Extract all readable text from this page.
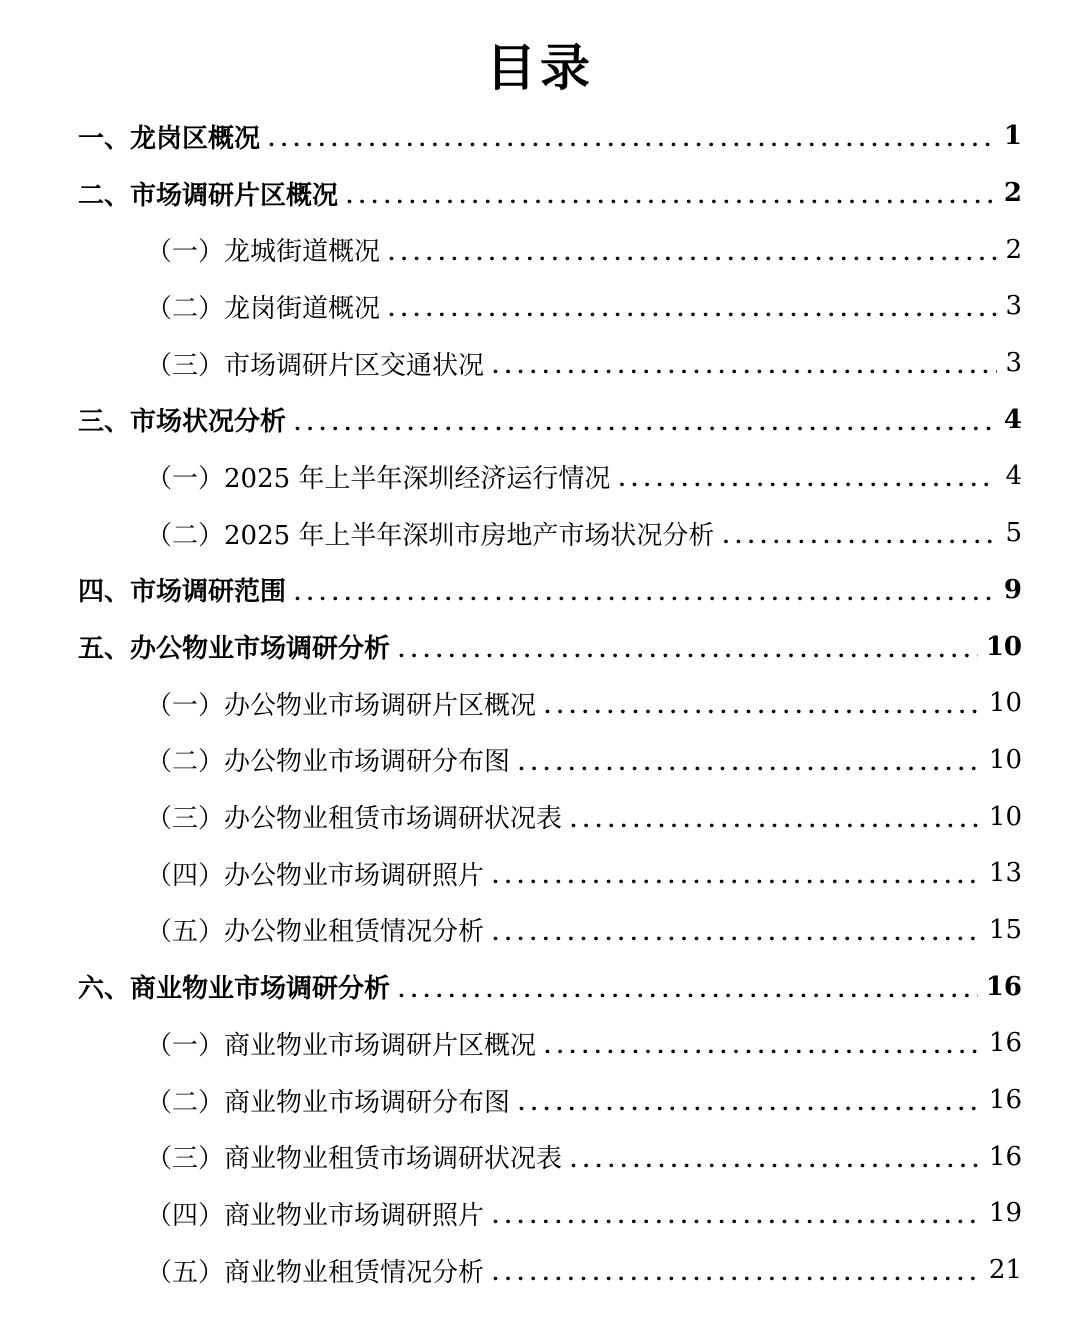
目录
一、 龙岗区概况 .....	1
二、 市场调研片区概况 .....	2
（一）龙城街道概况 .....	2
（二）龙岗街道概况 .....	3
（三）市场调研片区交通状况 .....	3
三、 市场状况分析 .....	4
（一）2025 年上半年深圳经济运行情况 .....	4
（二）2025 年上半年深圳市房地产市场状况分析 .....	5
四、 市场调研范围 .....	9
五、 办公物业市场调研分析 .....	10
（一）办公物业市场调研片区概况 .....	10
（二）办公物业市场调研分布图 .....	10
（三）办公物业租赁市场调研状况表 .....	10
（四）办公物业市场调研照片 .....	13
（五）办公物业租赁情况分析 .....	15
六、 商业物业市场调研分析 .....	16
（一）商业物业市场调研片区概况 .....	16
（二）商业物业市场调研分布图 .....	16
（三）商业物业租赁市场调研状况表 .....	16
（四）商业物业市场调研照片 .....	19
（五）商业物业租赁情况分析 .....	21
